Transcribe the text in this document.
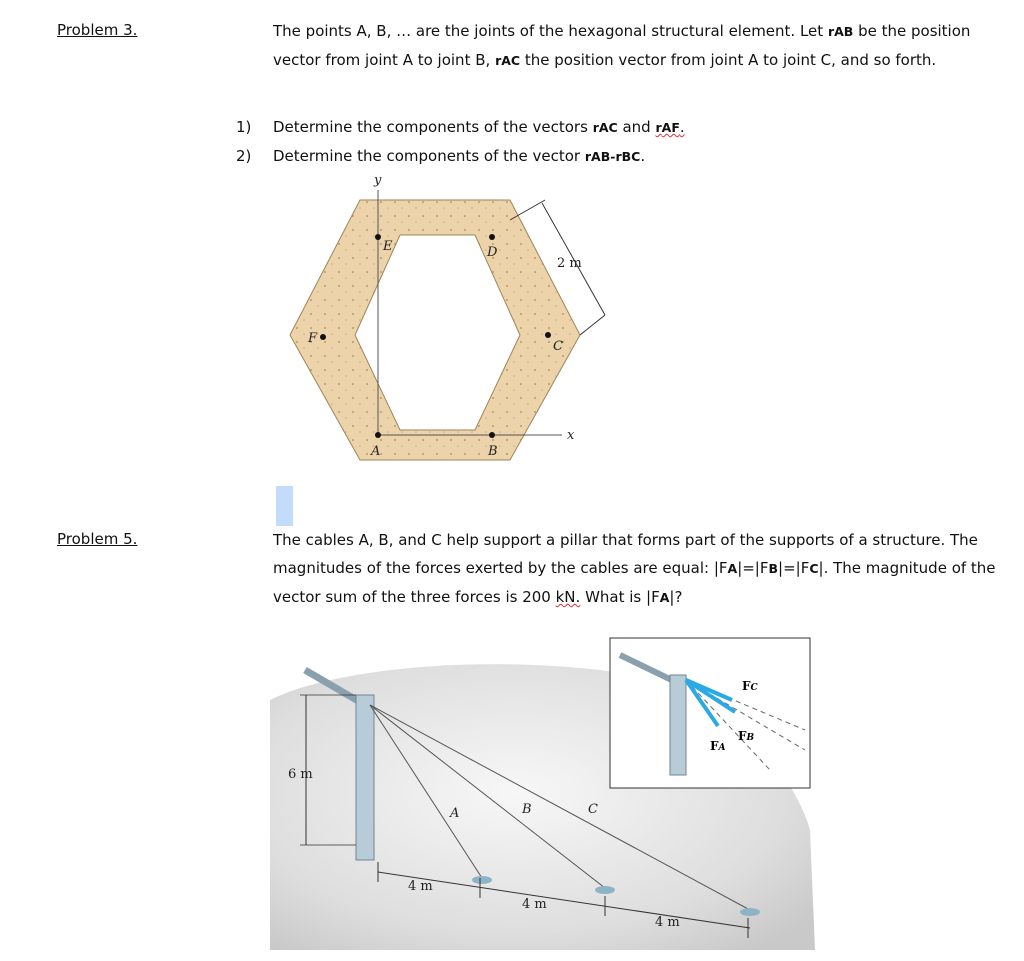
Problem 3.	The points A, B, … are the joints of the hexagonal structural element. Let rAB be the position vector from joint A to joint B, rAC the position vector from joint A to joint C, and so forth.
1)	Determine the components of the vectors rAC and rAF.
2)	Determine the components of the vector rAB-rBC.
y
x
2 m
A	B
C
D
E
F
Problem 5.	The cables A, B, and C help support a pillar that forms part of the supports of a structure. The magnitudes of the forces exerted by the cables are equal: |FA|=|FB|=|FC|. The magnitude of the vector sum of the three forces is 200 kN. What is |FA|?
6 m
A	B	C
4 m
4 m
4 m
FC
FB
FA
